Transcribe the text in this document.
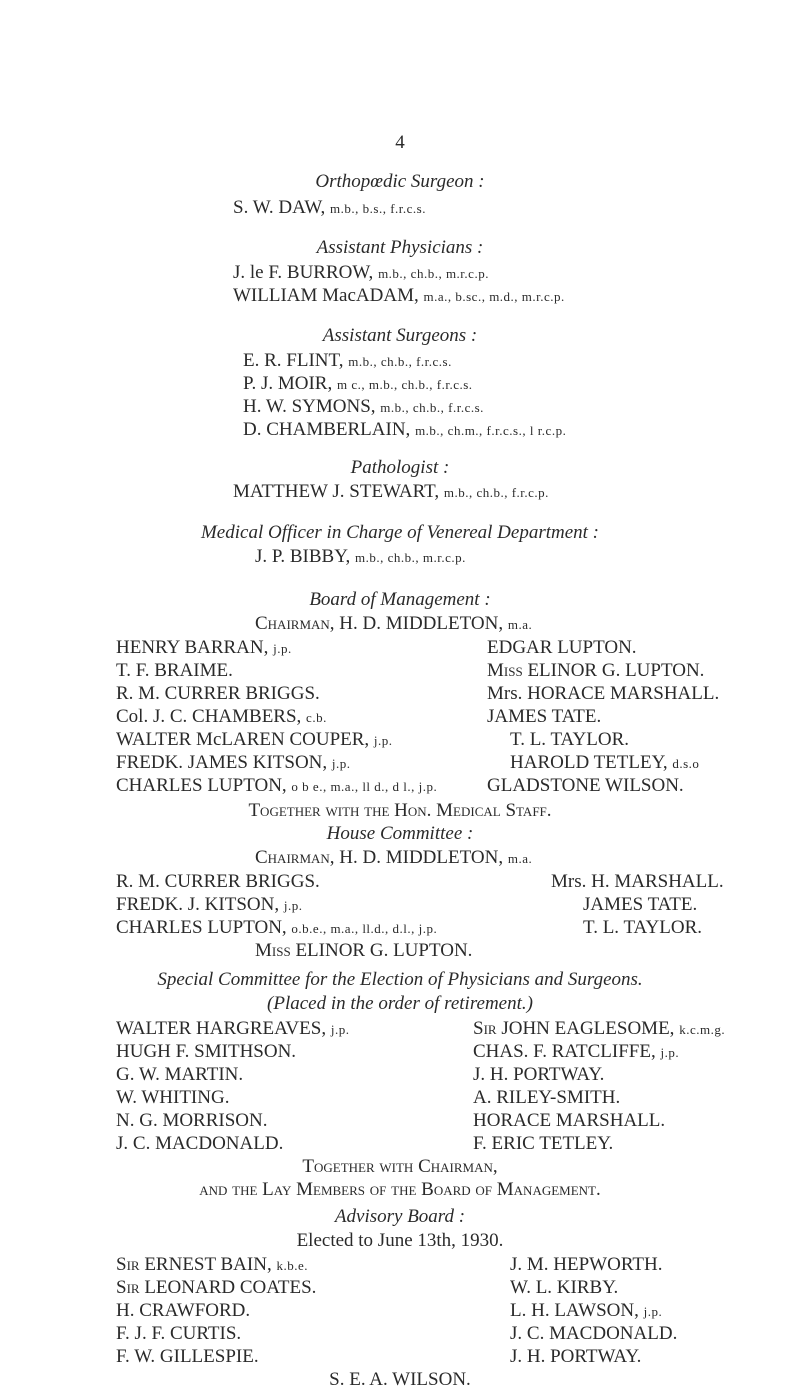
4
Orthopœdic Surgeon :
S. W. DAW, m.b., b.s., f.r.c.s.
Assistant Physicians :
J. le F. BURROW, m.b., ch.b., m.r.c.p.
WILLIAM MacADAM, m.a., b.sc., m.d., m.r.c.p.
Assistant Surgeons :
E. R. FLINT, m.b., ch.b., f.r.c.s.
P. J. MOIR, m c., m.b., ch.b., f.r.c.s.
H. W. SYMONS, m.b., ch.b., f.r.c.s.
D. CHAMBERLAIN, m.b., ch.m., f.r.c.s., l r.c.p.
Pathologist :
MATTHEW J. STEWART, m.b., ch.b., f.r.c.p.
Medical Officer in Charge of Venereal Department :
J. P. BIBBY, m.b., ch.b., m.r.c.p.
Board of Management :
Chairman, H. D. MIDDLETON, m.a.
HENRY BARRAN, j.p.	EDGAR LUPTON.
T. F. BRAIME.	Miss ELINOR G. LUPTON.
R. M. CURRER BRIGGS.	Mrs. HORACE MARSHALL.
Col. J. C. CHAMBERS, c.b.	JAMES TATE.
WALTER McLAREN COUPER, j.p.	T. L. TAYLOR.
FREDK. JAMES KITSON, j.p.	HAROLD TETLEY, d.s.o
CHARLES LUPTON, o b e., m.a., ll d., d l., j.p.	GLADSTONE WILSON.
Together with the Hon. Medical Staff.
House Committee :
Chairman, H. D. MIDDLETON, m.a.
R. M. CURRER BRIGGS.	Mrs. H. MARSHALL.
FREDK. J. KITSON, j.p.	JAMES TATE.
CHARLES LUPTON, o.b.e., m.a., ll.d., d.l., j.p.	T. L. TAYLOR.
Miss ELINOR G. LUPTON.
Special Committee for the Election of Physicians and Surgeons.
(Placed in the order of retirement.)
WALTER HARGREAVES, j.p.	Sir JOHN EAGLESOME, k.c.m.g.
HUGH F. SMITHSON.	CHAS. F. RATCLIFFE, j.p.
G. W. MARTIN.	J. H. PORTWAY.
W. WHITING.	A. RILEY-SMITH.
N. G. MORRISON.	HORACE MARSHALL.
J. C. MACDONALD.	F. ERIC TETLEY.
Together with Chairman,
and the Lay Members of the Board of Management.
Advisory Board :
Elected to June 13th, 1930.
Sir ERNEST BAIN, k.b.e.	J. M. HEPWORTH.
Sir LEONARD COATES.	W. L. KIRBY.
H. CRAWFORD.	L. H. LAWSON, j.p.
F. J. F. CURTIS.	J. C. MACDONALD.
F. W. GILLESPIE.	J. H. PORTWAY.
S. E. A. WILSON.
